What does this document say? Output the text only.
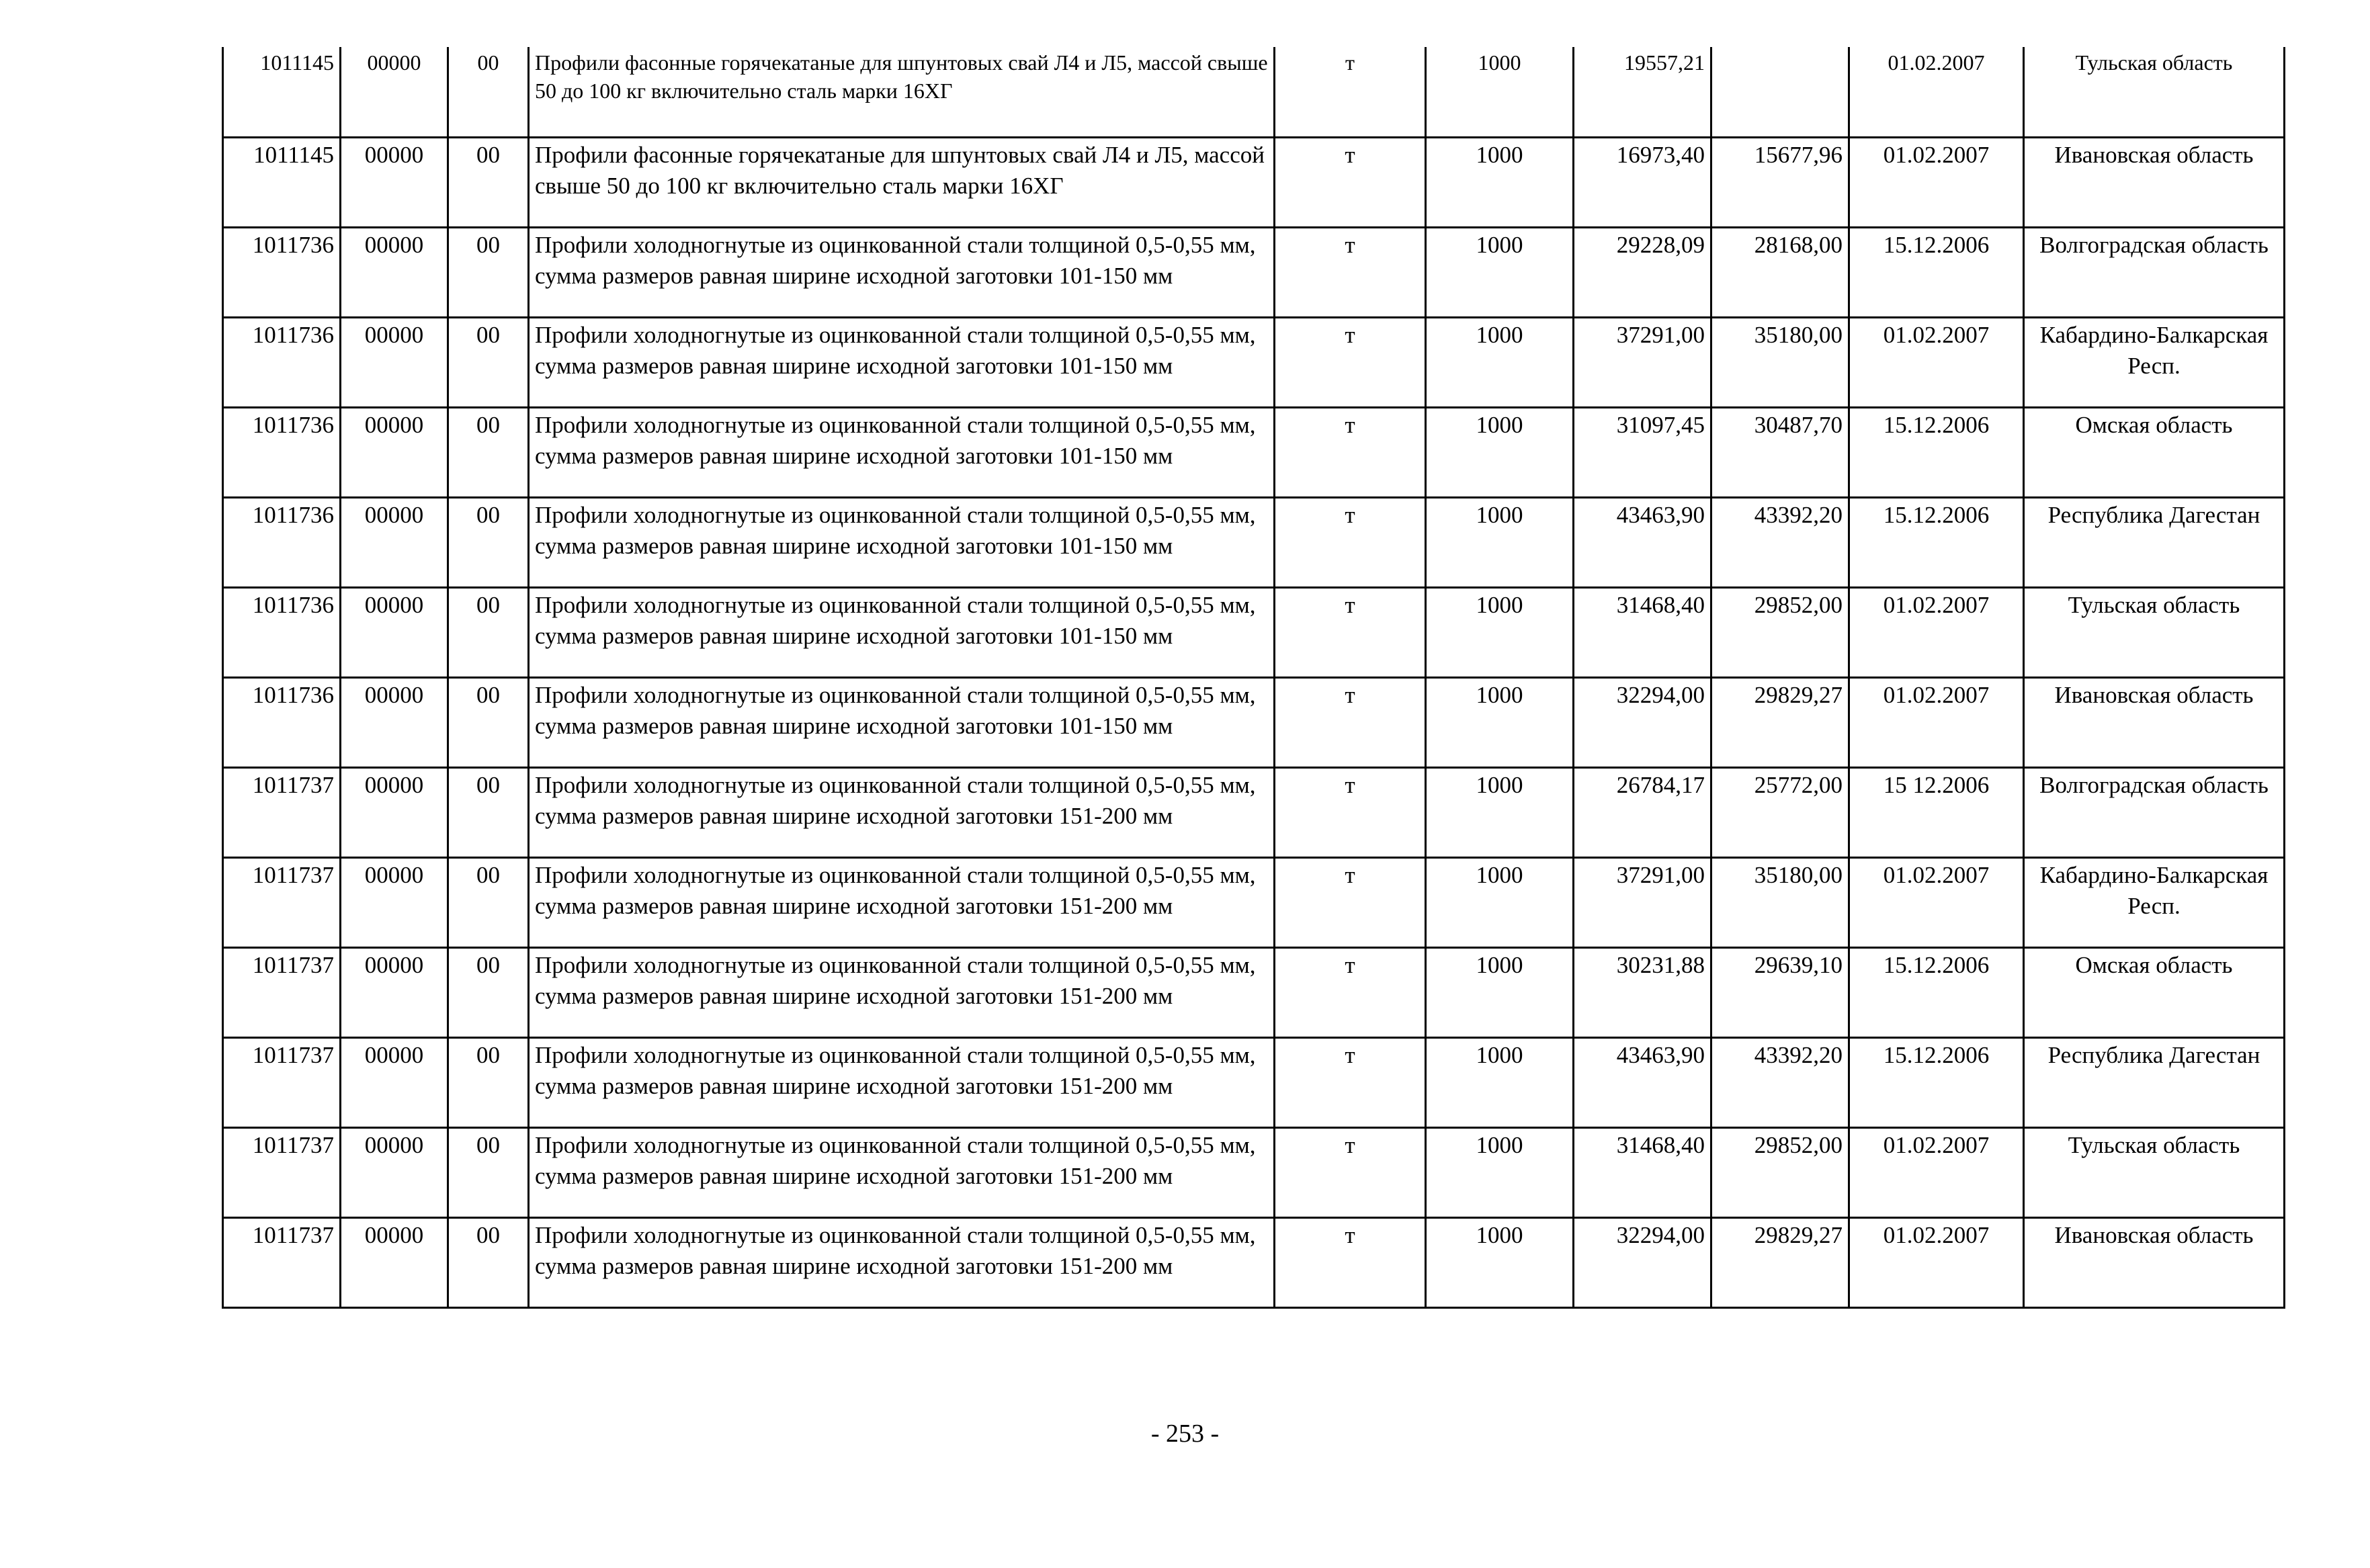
1011145	00000	00	Профили фасонные горячекатаные для шпунтовых свай Л4 и Л5, массой свыше 50 до 100 кг включительно сталь марки 16ХГ	т	1000	19557,21		01.02.2007	Тульская область
1011145	00000	00	Профили фасонные горячекатаные для шпунтовых свай Л4 и Л5, массой свыше 50 до 100 кг включительно сталь марки 16ХГ	т	1000	16973,40	15677,96	01.02.2007	Ивановская область
1011736	00000	00	Профили холодногнутые из оцинкованной стали толщиной 0,5-0,55 мм, сумма размеров равная ширине исходной заготовки 101-150 мм	т	1000	29228,09	28168,00	15.12.2006	Волгоградская область
1011736	00000	00	Профили холодногнутые из оцинкованной стали толщиной 0,5-0,55 мм, сумма размеров равная ширине исходной заготовки 101-150 мм	т	1000	37291,00	35180,00	01.02.2007	Кабардино-Балкарская Респ.
1011736	00000	00	Профили холодногнутые из оцинкованной стали толщиной 0,5-0,55 мм, сумма размеров равная ширине исходной заготовки 101-150 мм	т	1000	31097,45	30487,70	15.12.2006	Омская область
1011736	00000	00	Профили холодногнутые из оцинкованной стали толщиной 0,5-0,55 мм, сумма размеров равная ширине исходной заготовки 101-150 мм	т	1000	43463,90	43392,20	15.12.2006	Республика Дагестан
1011736	00000	00	Профили холодногнутые из оцинкованной стали толщиной 0,5-0,55 мм, сумма размеров равная ширине исходной заготовки 101-150 мм	т	1000	31468,40	29852,00	01.02.2007	Тульская область
1011736	00000	00	Профили холодногнутые из оцинкованной стали толщиной 0,5-0,55 мм, сумма размеров равная ширине исходной заготовки 101-150 мм	т	1000	32294,00	29829,27	01.02.2007	Ивановская область
1011737	00000	00	Профили холодногнутые из оцинкованной стали толщиной 0,5-0,55 мм, сумма размеров равная ширине исходной заготовки 151-200 мм	т	1000	26784,17	25772,00	15 12.2006	Волгоградская область
1011737	00000	00	Профили холодногнутые из оцинкованной стали толщиной 0,5-0,55 мм, сумма размеров равная ширине исходной заготовки 151-200 мм	т	1000	37291,00	35180,00	01.02.2007	Кабардино-Балкарская Респ.
1011737	00000	00	Профили холодногнутые из оцинкованной стали толщиной 0,5-0,55 мм, сумма размеров равная ширине исходной заготовки 151-200 мм	т	1000	30231,88	29639,10	15.12.2006	Омская область
1011737	00000	00	Профили холодногнутые из оцинкованной стали толщиной 0,5-0,55 мм, сумма размеров равная ширине исходной заготовки 151-200 мм	т	1000	43463,90	43392,20	15.12.2006	Республика Дагестан
1011737	00000	00	Профили холодногнутые из оцинкованной стали толщиной 0,5-0,55 мм, сумма размеров равная ширине исходной заготовки 151-200 мм	т	1000	31468,40	29852,00	01.02.2007	Тульская область
1011737	00000	00	Профили холодногнутые из оцинкованной стали толщиной 0,5-0,55 мм, сумма размеров равная ширине исходной заготовки 151-200 мм	т	1000	32294,00	29829,27	01.02.2007	Ивановская область
- 253 -
